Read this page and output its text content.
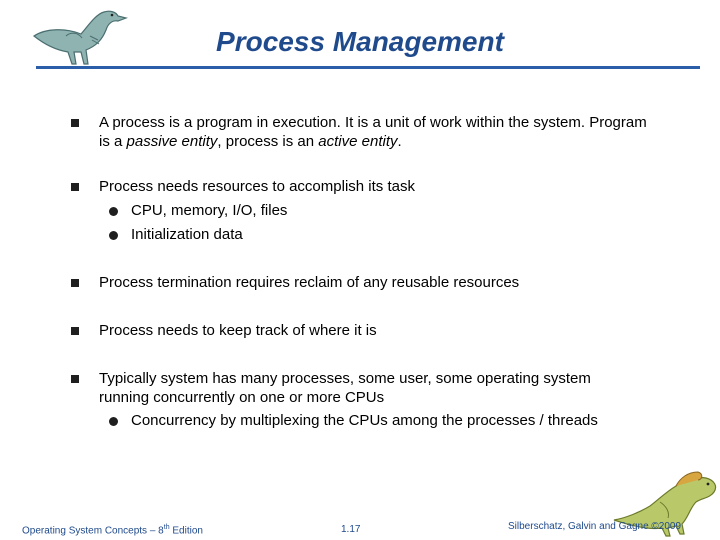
Process Management
A process is a program in execution. It is a unit of work within the system. Program is a passive entity, process is an active entity.
Process needs resources to accomplish its task
CPU, memory, I/O, files
Initialization data
Process termination requires reclaim of any reusable resources
Process needs to keep track of where it is
Typically system has many processes, some user, some operating system running concurrently on one or more CPUs
Concurrency by multiplexing the CPUs among the processes / threads
Operating System Concepts – 8th Edition	1.17	Silberschatz, Galvin and Gagne ©2009
